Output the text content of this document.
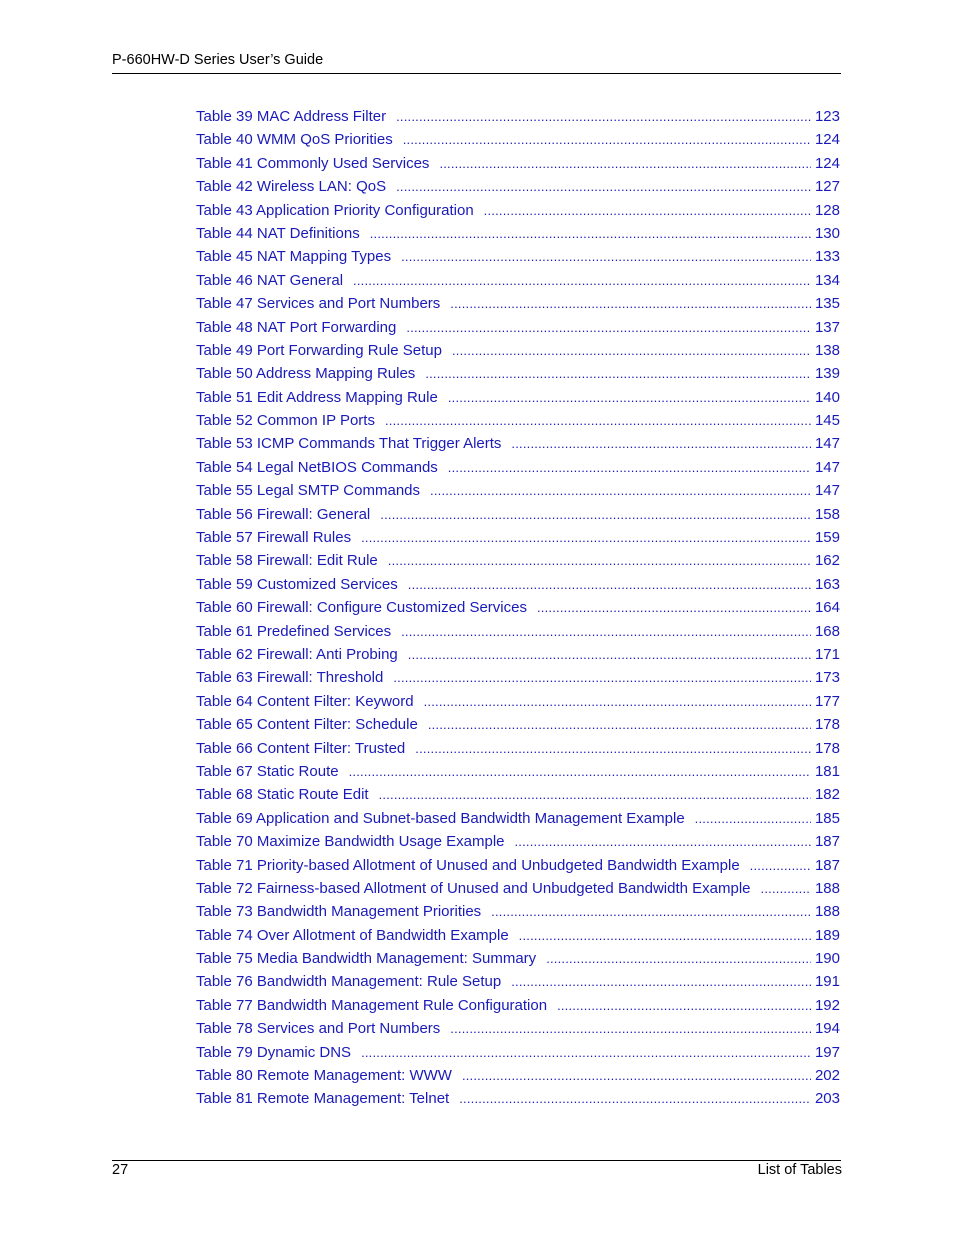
P-660HW-D Series User’s Guide
Table 39 MAC Address Filter .....	123
Table 40 WMM QoS Priorities .....	124
Table 41 Commonly Used Services .....	124
Table 42 Wireless LAN: QoS .....	127
Table 43 Application Priority Configuration .....	128
Table 44 NAT Definitions .....	130
Table 45 NAT Mapping Types .....	133
Table 46 NAT General .....	134
Table 47 Services and Port Numbers .....	135
Table 48 NAT Port Forwarding .....	137
Table 49 Port Forwarding Rule Setup .....	138
Table 50 Address Mapping Rules .....	139
Table 51 Edit Address Mapping Rule .....	140
Table 52 Common IP Ports .....	145
Table 53 ICMP Commands That Trigger Alerts .....	147
Table 54 Legal NetBIOS Commands .....	147
Table 55 Legal SMTP Commands .....	147
Table 56 Firewall: General .....	158
Table 57 Firewall Rules .....	159
Table 58 Firewall: Edit Rule .....	162
Table 59 Customized Services .....	163
Table 60 Firewall: Configure Customized Services .....	164
Table 61 Predefined Services .....	168
Table 62 Firewall: Anti Probing .....	171
Table 63 Firewall: Threshold .....	173
Table 64 Content Filter: Keyword .....	177
Table 65 Content Filter: Schedule .....	178
Table 66 Content Filter: Trusted .....	178
Table 67 Static Route .....	181
Table 68 Static Route Edit .....	182
Table 69 Application and Subnet-based Bandwidth Management Example .....	185
Table 70 Maximize Bandwidth Usage Example .....	187
Table 71 Priority-based Allotment of Unused and Unbudgeted Bandwidth Example .....	187
Table 72 Fairness-based Allotment of Unused and Unbudgeted Bandwidth Example .....	188
Table 73 Bandwidth Management Priorities .....	188
Table 74 Over Allotment of Bandwidth Example .....	189
Table 75 Media Bandwidth Management: Summary .....	190
Table 76 Bandwidth Management: Rule Setup .....	191
Table 77 Bandwidth Management Rule Configuration .....	192
Table 78 Services and Port Numbers .....	194
Table 79 Dynamic DNS .....	197
Table 80 Remote Management: WWW .....	202
Table 81 Remote Management: Telnet .....	203
27	List of Tables
